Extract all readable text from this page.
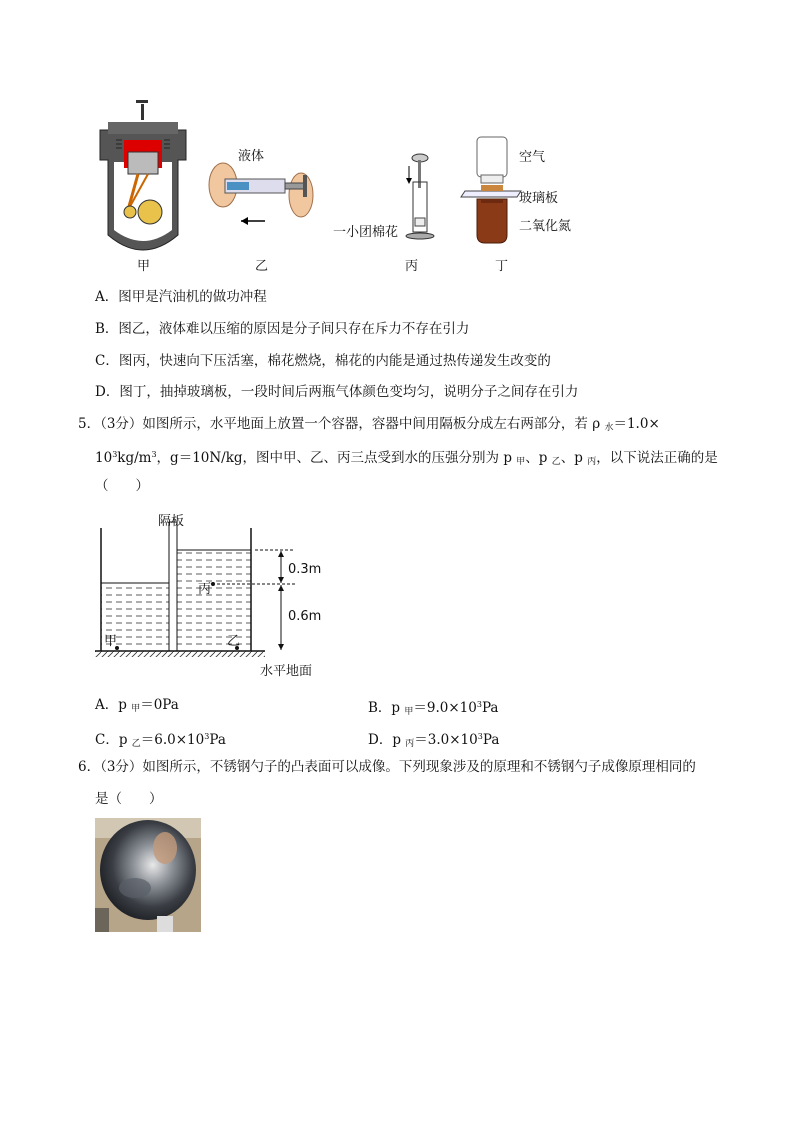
甲
液体
乙
一小团棉花
丙
空气
玻璃板
二氧化氮
丁
A．图甲是汽油机的做功冲程
B．图乙，液体难以压缩的原因是分子间只存在斥力不存在引力
C．图丙，快速向下压活塞，棉花燃烧，棉花的内能是通过热传递发生改变的
D．图丁，抽掉玻璃板，一段时间后两瓶气体颜色变均匀，说明分子之间存在引力
5．（3分）如图所示，水平地面上放置一个容器，容器中间用隔板分成左右两部分，若 ρ $_水$＝1.0×
$10^3kg/m^3$，g＝10N/kg，图中甲、乙、丙三点受到水的压强分别为 p $_甲$、p $_乙$、p $_丙$，以下说法正确的是
（　　）
隔板
0.3m
0.6m
甲	乙
丙
水平地面
A．p $_甲$＝0Pa	B．p $_甲=9.0\times 10^3Pa$
C．p $_乙=6.0\times 10^3Pa$	D．p $_丙=3.0\times 10^3Pa$
6．（3分）如图所示，不锈钢勺子的凸表面可以成像。下列现象涉及的原理和不锈钢勺子成像原理相同的
是（　　）
